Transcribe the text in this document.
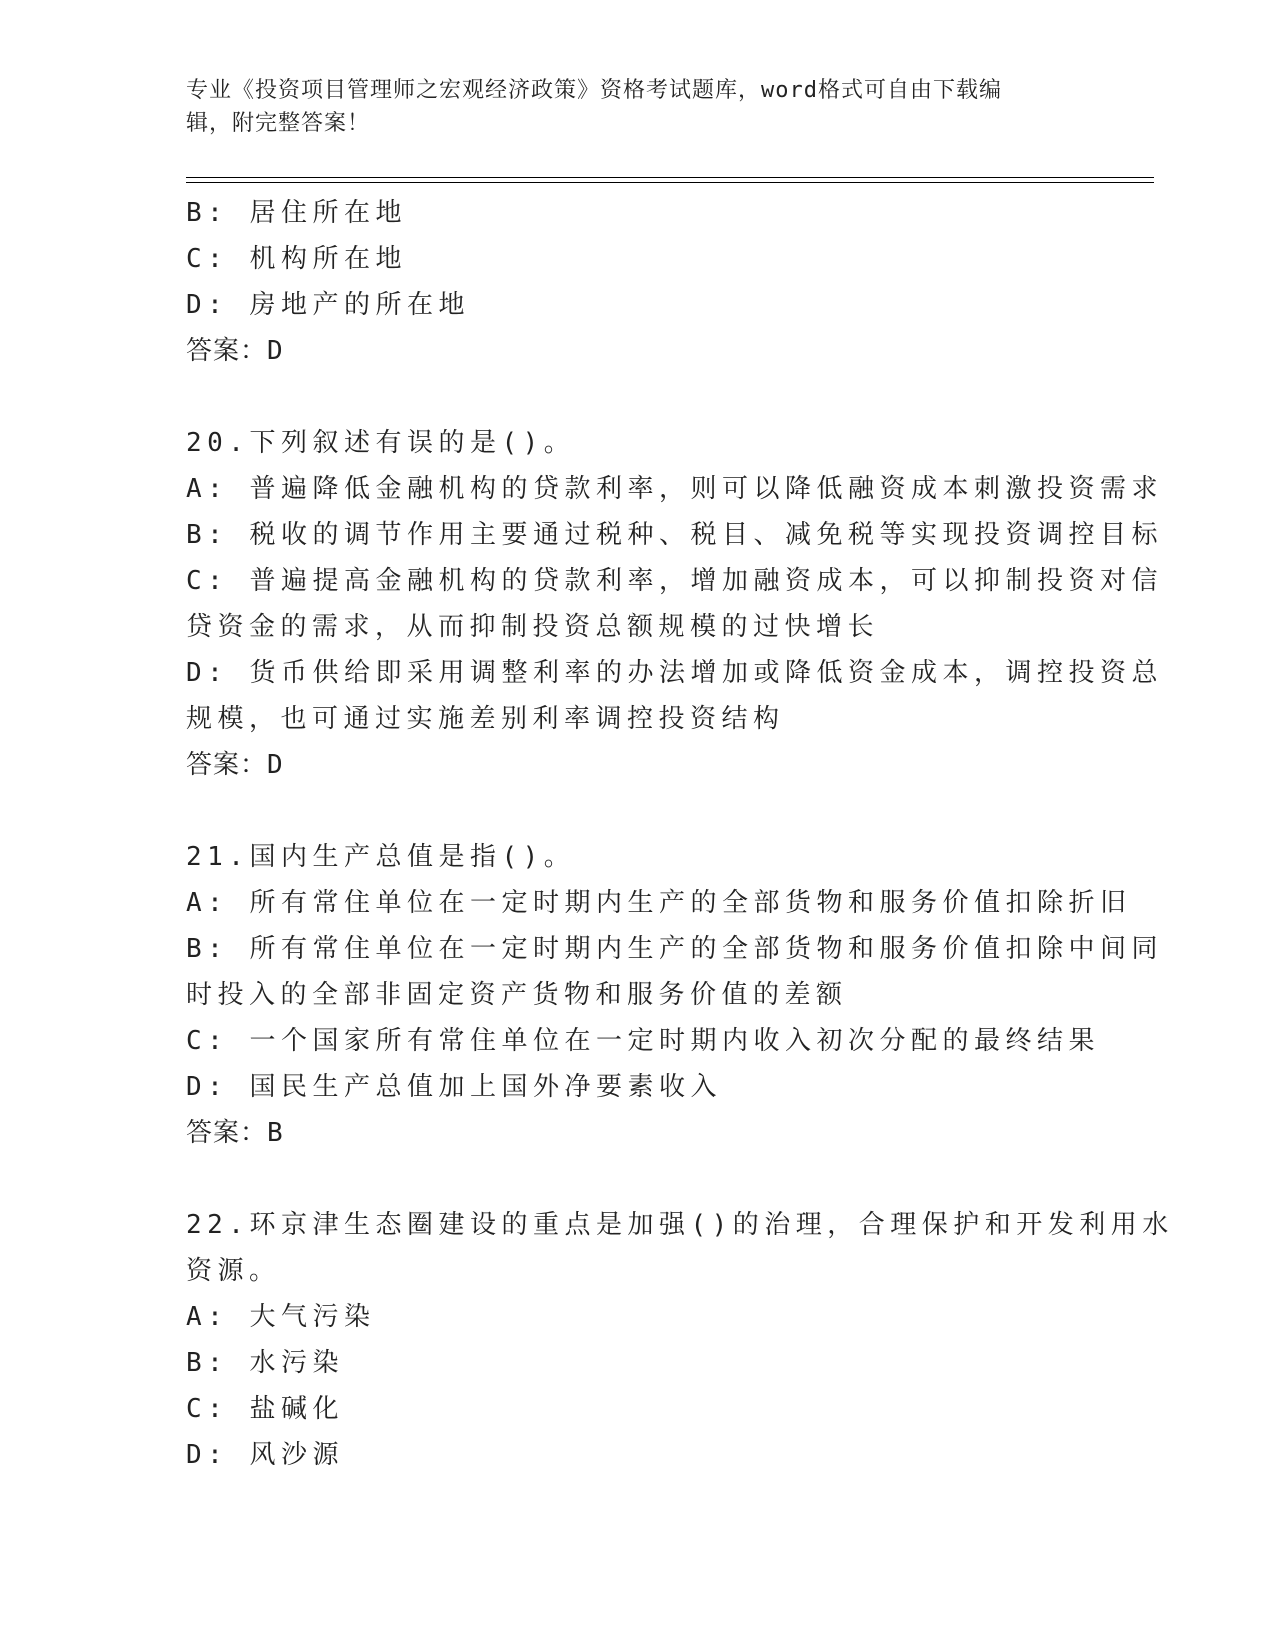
专业《投资项目管理师之宏观经济政策》资格考试题库，word格式可自由下载编
辑，附完整答案！
B: 居住所在地
C: 机构所在地
D: 房地产的所在地
答案：D
20.下列叙述有误的是()。
A: 普遍降低金融机构的贷款利率，则可以降低融资成本刺激投资需求
B: 税收的调节作用主要通过税种、税目、减免税等实现投资调控目标
C: 普遍提高金融机构的贷款利率，增加融资成本，可以抑制投资对信
贷资金的需求，从而抑制投资总额规模的过快增长
D: 货币供给即采用调整利率的办法增加或降低资金成本，调控投资总
规模，也可通过实施差别利率调控投资结构
答案：D
21.国内生产总值是指()。
A: 所有常住单位在一定时期内生产的全部货物和服务价值扣除折旧
B: 所有常住单位在一定时期内生产的全部货物和服务价值扣除中间同
时投入的全部非固定资产货物和服务价值的差额
C: 一个国家所有常住单位在一定时期内收入初次分配的最终结果
D: 国民生产总值加上国外净要素收入
答案：B
22.环京津生态圈建设的重点是加强()的治理，合理保护和开发利用水
资源。
A: 大气污染
B: 水污染
C: 盐碱化
D: 风沙源
